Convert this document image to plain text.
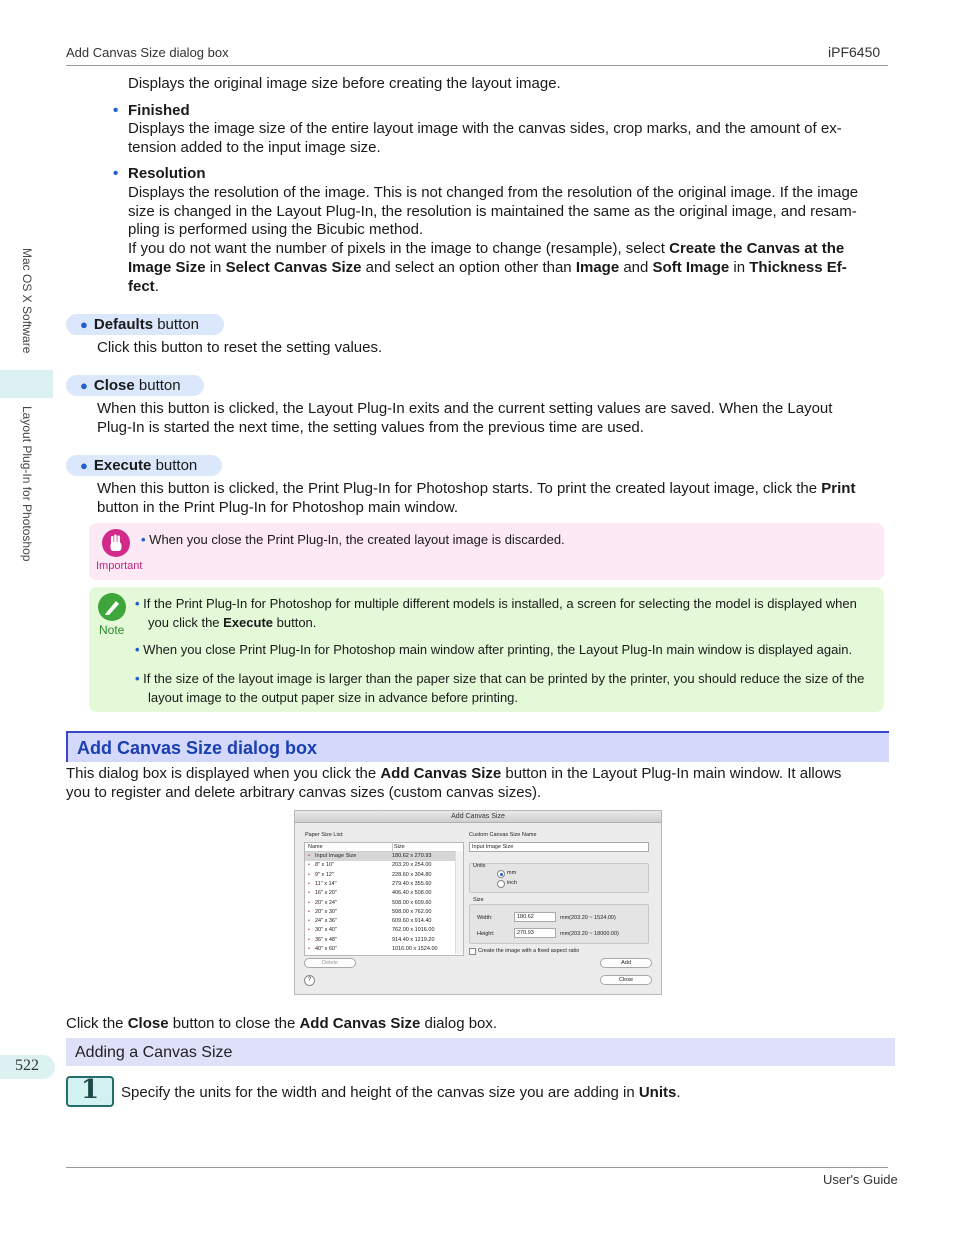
Add Canvas Size dialog box	iPF6450
Mac OS X Software
Layout Plug-In for Photoshop
Displays the original image size before creating the layout image.
• Finished
Displays the image size of the entire layout image with the canvas sides, crop marks, and the amount of ex-
tension added to the input image size.
• Resolution
Displays the resolution of the image. This is not changed from the resolution of the original image. If the image
size is changed in the Layout Plug-In, the resolution is maintained the same as the original image, and resam-
pling is performed using the Bicubic method.
If you do not want the number of pixels in the image to change (resample), select Create the Canvas at the
Image Size in Select Canvas Size and select an option other than Image and Soft Image in Thickness Ef-
fect.
● Defaults button
Click this button to reset the setting values.
● Close button
When this button is clicked, the Layout Plug-In exits and the current setting values are saved. When the Layout
Plug-In is started the next time, the setting values from the previous time are used.
● Execute button
When this button is clicked, the Print Plug-In for Photoshop starts. To print the created layout image, click the Print
button in the Print Plug-In for Photoshop main window.
Important
• When you close the Print Plug-In, the created layout image is discarded.
Note
• If the Print Plug-In for Photoshop for multiple different models is installed, a screen for selecting the model is displayed when
you click the Execute button.
• When you close Print Plug-In for Photoshop main window after printing, the Layout Plug-In main window is displayed again.
• If the size of the layout image is larger than the paper size that can be printed by the printer, you should reduce the size of the
layout image to the output paper size in advance before printing.
Add Canvas Size dialog box
This dialog box is displayed when you click the Add Canvas Size button in the Layout Plug-In main window. It allows
you to register and delete arbitrary canvas sizes (custom canvas sizes).
Add Canvas Size
Paper Size List:
Name	Size
• Input Image Size	180.62 x 270.93
• 8" x 10"	203.20 x 254.00
• 9" x 12"	228.60 x 304.80
• 11" x 14"	279.40 x 355.60
• 16" x 20"	406.40 x 508.00
• 20" x 24"	508.00 x 609.60
• 20" x 30"	508.00 x 762.00
• 24" x 36"	609.60 x 914.40
• 30" x 40"	762.00 x 1016.00
• 36" x 48"	914.40 x 1219.20
• 40" x 60"	1016.00 x 1524.00
Delete
Custom Canvas Size Name
Input Image Size
Units
mm
inch
Size
Width:	180.62	mm(203.20 ~ 1524.00)
Height:	270.93	mm(203.20 ~ 18000.00)
Create the image with a fixed aspect ratio
Add
Close
?
Click the Close button to close the Add Canvas Size dialog box.
522
Adding a Canvas Size
1 Specify the units for the width and height of the canvas size you are adding in Units.
User's Guide
